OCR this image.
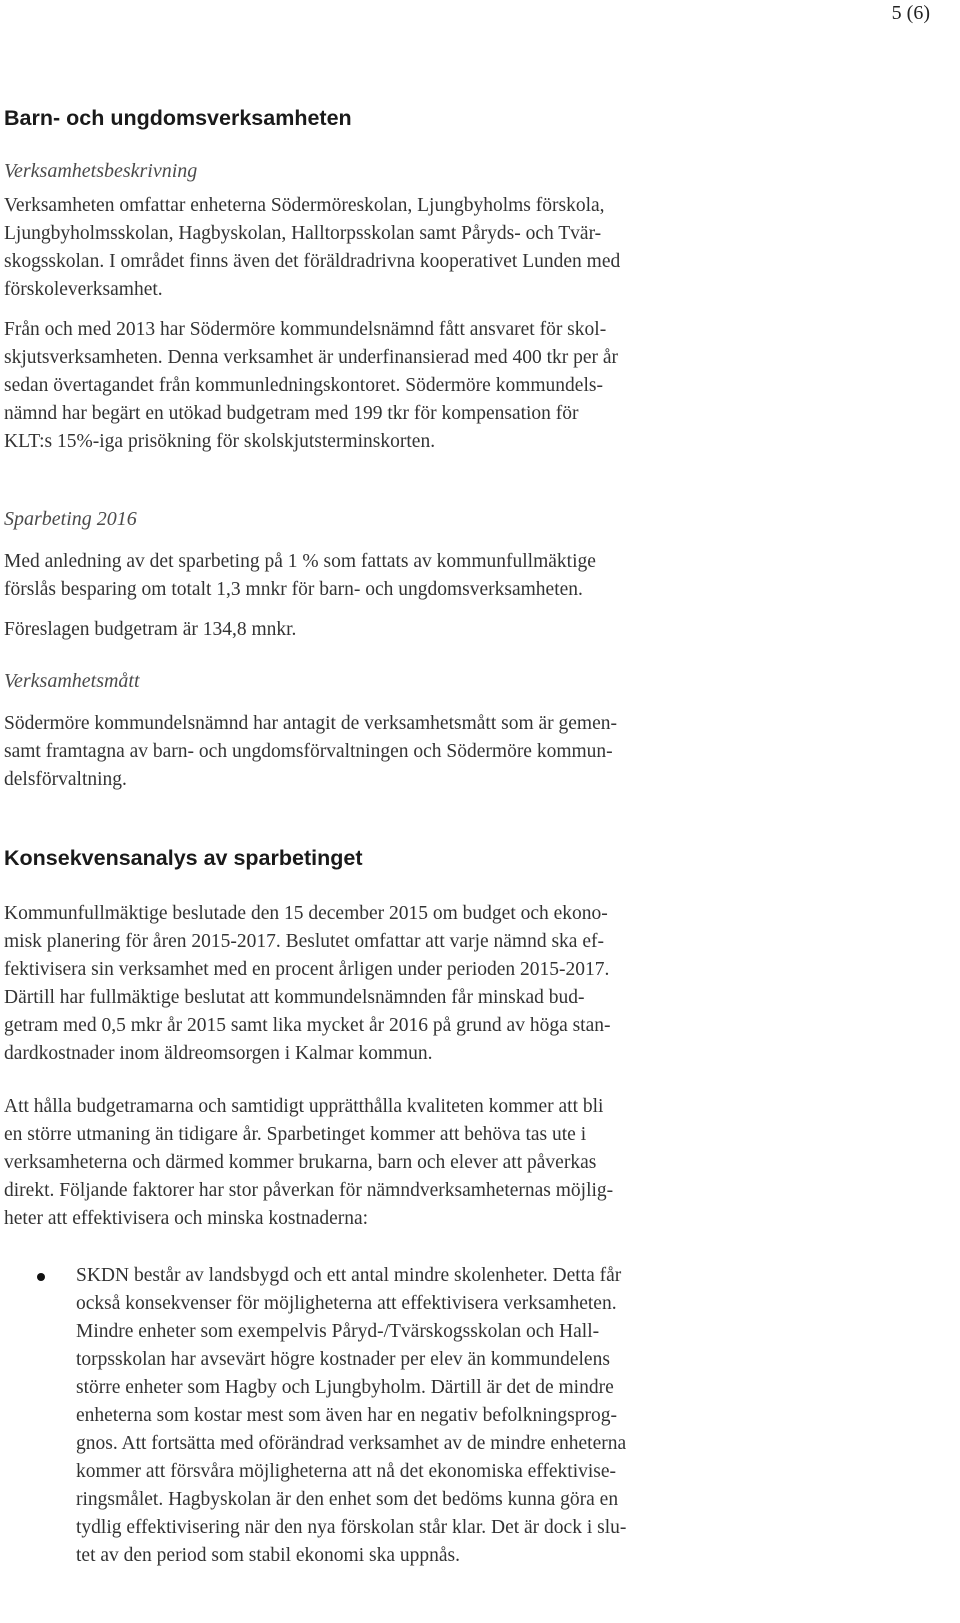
5 (6)
Barn- och ungdomsverksamheten
Verksamhetsbeskrivning
Verksamheten omfattar enheterna Södermöreskolan, Ljungbyholms förskola,
Ljungbyholmsskolan, Hagbyskolan, Halltorpsskolan samt Påryds- och Tvär-
skogsskolan. I området finns även det föräldradrivna kooperativet Lunden med
förskoleverksamhet.
Från och med 2013 har Södermöre kommundelsnämnd fått ansvaret för skol-
skjutsverksamheten. Denna verksamhet är underfinansierad med 400 tkr per år
sedan övertagandet från kommunledningskontoret. Södermöre kommundels-
nämnd har begärt en utökad budgetram med 199 tkr för kompensation för
KLT:s 15%-iga prisökning för skolskjutsterminskorten.
Sparbeting 2016
Med anledning av det sparbeting på 1 % som fattats av kommunfullmäktige
förslås besparing om totalt 1,3 mnkr för barn- och ungdomsverksamheten.
Föreslagen budgetram är 134,8 mnkr.
Verksamhetsmått
Södermöre kommundelsnämnd har antagit de verksamhetsmått som är gemen-
samt framtagna av barn- och ungdomsförvaltningen och Södermöre kommun-
delsförvaltning.
Konsekvensanalys av sparbetinget
Kommunfullmäktige beslutade den 15 december 2015 om budget och ekono-
misk planering för åren 2015-2017. Beslutet omfattar att varje nämnd ska ef-
fektivisera sin verksamhet med en procent årligen under perioden 2015-2017.
Därtill har fullmäktige beslutat att kommundelsnämnden får minskad bud-
getram med 0,5 mkr år 2015 samt lika mycket år 2016 på grund av höga stan-
dardkostnader inom äldreomsorgen i Kalmar kommun.
Att hålla budgetramarna och samtidigt upprätthålla kvaliteten kommer att bli
en större utmaning än tidigare år. Sparbetinget kommer att behöva tas ute i
verksamheterna och därmed kommer brukarna, barn och elever att påverkas
direkt. Följande faktorer har stor påverkan för nämndverksamheternas möjlig-
heter att effektivisera och minska kostnaderna:
SKDN består av landsbygd och ett antal mindre skolenheter. Detta får
också konsekvenser för möjligheterna att effektivisera verksamheten.
Mindre enheter som exempelvis Påryd-/Tvärskogsskolan och Hall-
torpsskolan har avsevärt högre kostnader per elev än kommundelens
större enheter som Hagby och Ljungbyholm. Därtill är det de mindre
enheterna som kostar mest som även har en negativ befolkningsprog-
gnos. Att fortsätta med oförändrad verksamhet av de mindre enheterna
kommer att försvåra möjligheterna att nå det ekonomiska effektivise-
ringsmålet. Hagbyskolan är den enhet som det bedöms kunna göra en
tydlig effektivisering när den nya förskolan står klar. Det är dock i slu-
tet av den period som stabil ekonomi ska uppnås.
